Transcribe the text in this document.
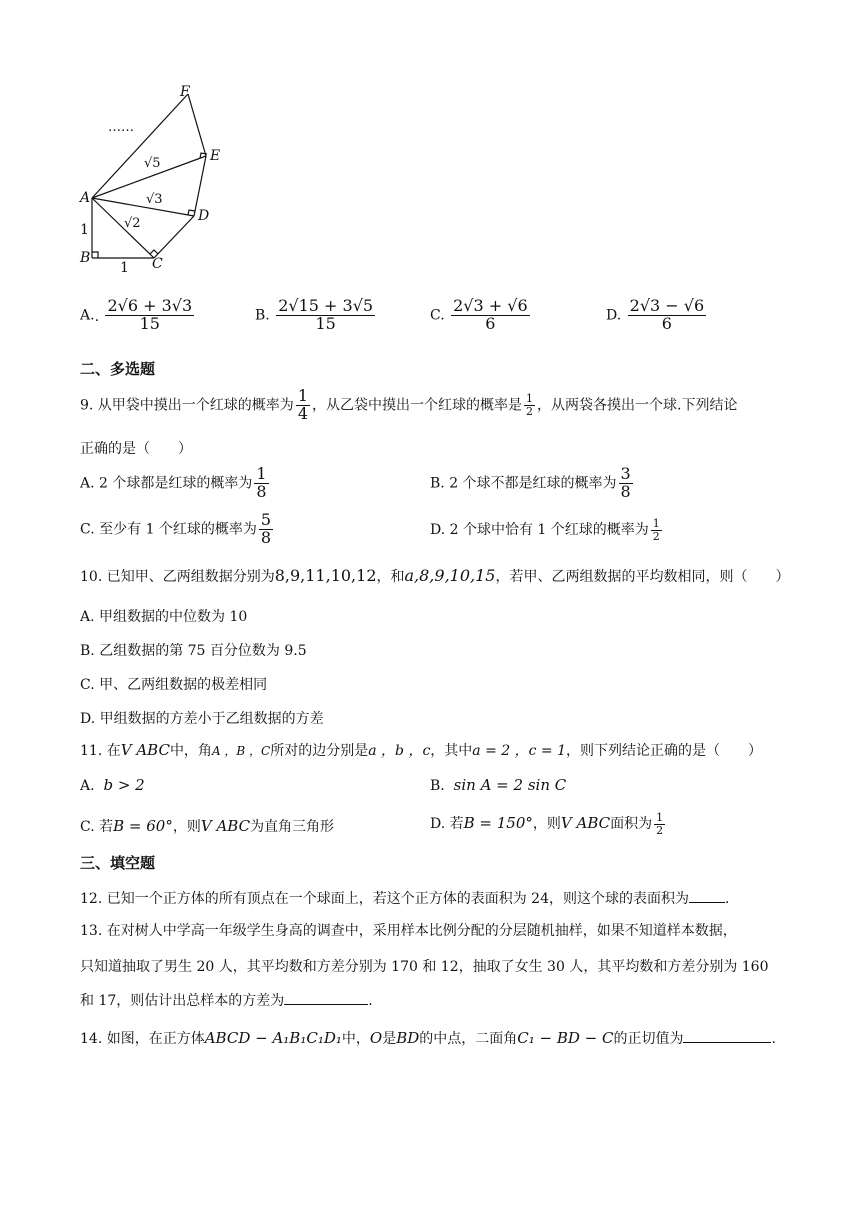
F
E
A
D
B	C
1
1
√2
√3
√5
……
$A.\cdot \frac{2√6 + 3√3}{15}$	B. $\frac{2√15 + 3√5}{15}$	C. $\frac{2√3 + √6}{6}$	D. $\frac{2√3 - √6}{6}$
二、多选题
9. 从甲袋中摸出一个红球的概率为 $\frac{1}{4}$ ，从乙袋中摸出一个红球的概率是 $\frac{1}{2}$ ，从两袋各摸出一个球.下列结论
正确的是（　　）
A. 2 个球都是红球的概率为 $\frac{1}{8}$	B. 2 个球不都是红球的概率为 $\frac{3}{8}$
C. 至少有 1 个红球的概率为 $\frac{5}{8}$	D. 2 个球中恰有 1 个红球的概率为 $\frac{1}{2}$
10. 已知甲、乙两组数据分别为8,9,11,10,12，和a,8,9,10,15，若甲、乙两组数据的平均数相同，则（　　）
A. 甲组数据的中位数为 10
B. 乙组数据的第 75 百分位数为 9.5
C. 甲、乙两组数据的极差相同
D. 甲组数据的方差小于乙组数据的方差
11. 在V ABC中，角A ，B ，C所对的边分别是a ，b ，c，其中a = 2 ，c = 1，则下列结论正确的是（　　）
A. b > 2	B. sin A = 2 sin C
C. 若B = 60°，则V ABC为直角三角形	D. 若B = 150°，则V ABC面积为 $\frac{1}{2}$
三、填空题
12. 已知一个正方体的所有顶点在一个球面上，若这个正方体的表面积为 24，则这个球的表面积为	.
13. 在对树人中学高一年级学生身高的调查中，采用样本比例分配的分层随机抽样，如果不知道样本数据，
只知道抽取了男生 20 人，其平均数和方差分别为 170 和 12，抽取了女生 30 人，其平均数和方差分别为 160
和 17，则估计出总样本的方差为	.
14. 如图，在正方体ABCD − A₁B₁C₁D₁中，O是BD的中点，二面角C₁ − BD − C的正切值为	.
